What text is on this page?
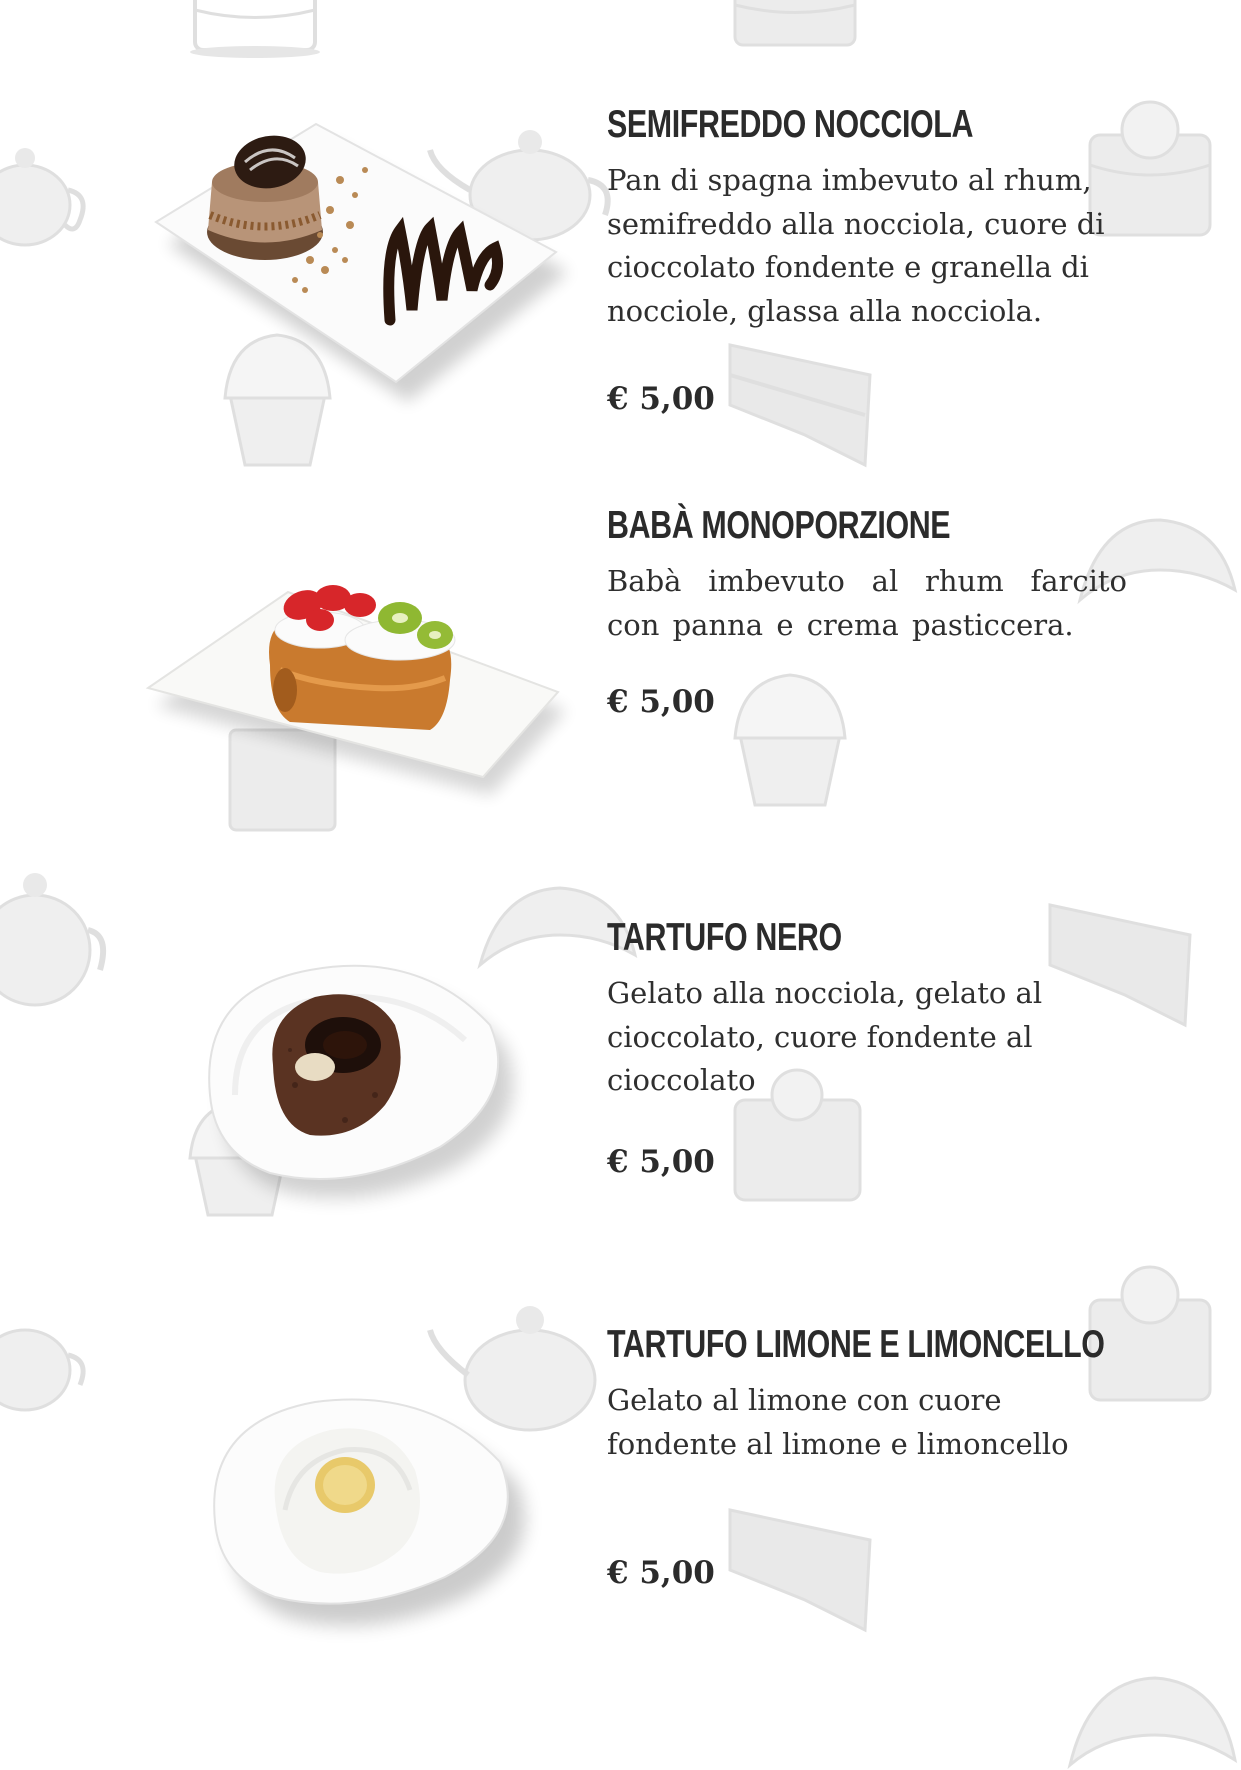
SEMIFREDDO NOCCIOLA

Pan di spagna imbevuto al rhum, semifreddo alla nocciola, cuore di cioccolato fondente e granella di nocciole, glassa alla nocciola.

€ 5,00

BABÀ MONOPORZIONE

Babà imbevuto al rhum farcito con panna e crema pasticcera.

€ 5,00

TARTUFO NERO

Gelato alla nocciola, gelato al cioccolato, cuore fondente al cioccolato

€ 5,00

TARTUFO LIMONE E LIMONCELLO

Gelato al limone con cuore fondente al limone e limoncello

€ 5,00
